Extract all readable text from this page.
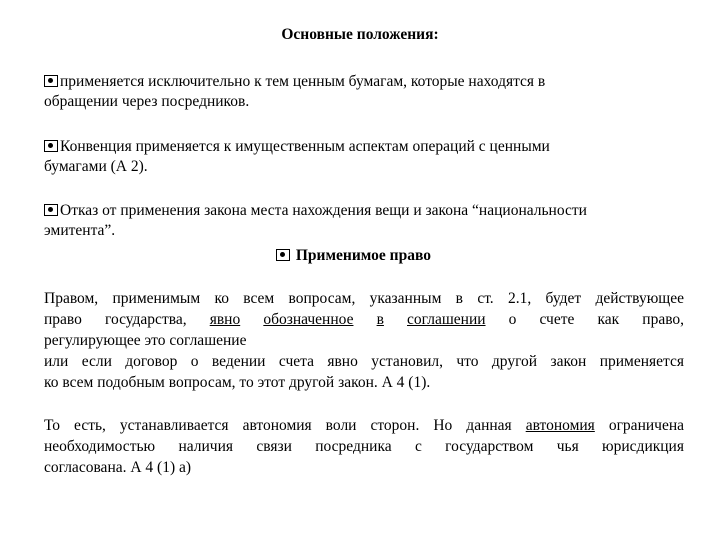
Основные положения:
применяется исключительно к тем ценным бумагам, которые находятся в
обращении через посредников.
Конвенция применяется к имущественным аспектам операций с ценными
бумагами (А 2).
Отказ от применения закона места нахождения вещи и закона “национальности
эмитента”.
Применимое право
Правом, применимым ко всем вопросам, указанным в ст. 2.1, будет действующее
право государства, явно обозначенное в соглашении о счете как право,
регулирующее это соглашение
или если договор о ведении счета явно установил, что другой закон применяется
ко всем подобным вопросам, то этот другой закон. А 4 (1).
То есть, устанавливается автономия воли сторон. Но данная автономия ограничена
необходимостью наличия связи посредника с государством чья юрисдикция
согласована. А 4 (1) а)
